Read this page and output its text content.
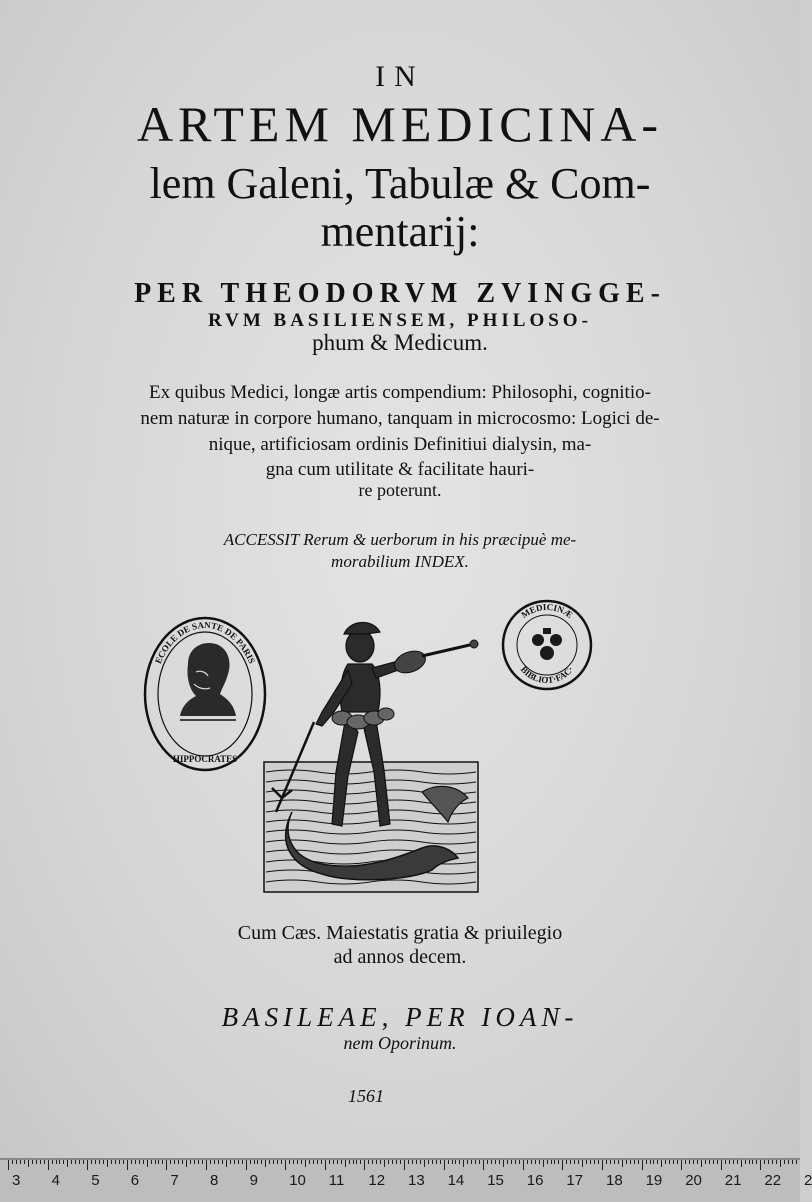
IN
ARTEM MEDICINA-
lem Galeni, Tabulæ & Com-
mentarij:
PER THEODORVM ZVINGGE-
RVM BASILIENSEM, PHILOSO-
phum & Medicum.
Ex quibus Medici, longæ artis compendium: Philosophi, cognitio-
nem naturæ in corpore humano, tanquam in microcosmo: Logici de-
nique, artificiosam ordinis Definitiui dialysin, ma-
gna cum utilitate & facilitate hauri-
re poterunt.
ACCESSIT Rerum & uerborum in his præcipuè me-
morabilium INDEX.
ECOLE DE SANTE DE PARIS
HIPPOCRATES
MEDICINÆ
BIBLIOT·FAC·
Cum Cæs. Maiestatis gratia & priuilegio
ad annos decem.
BASILEAE, PER IOAN-
nem Oporinum.
1561
3 4 5 6 7 8 9 10 11 12 13 14 15 16 17 18 19 20 21 22 2
